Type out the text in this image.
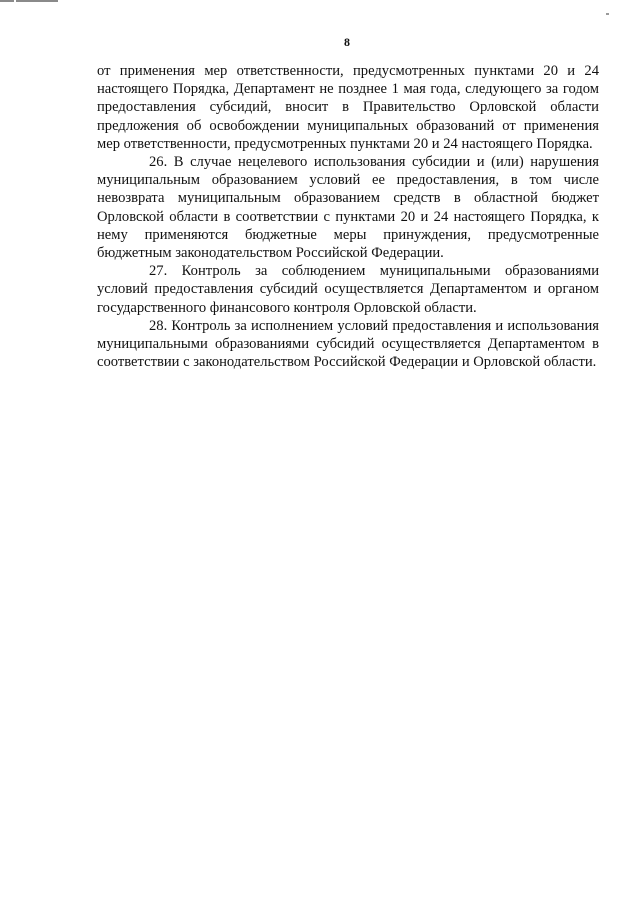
8

от применения мер ответственности, предусмотренных пунктами 20 и 24 настоящего Порядка, Департамент не позднее 1 мая года, следующего за годом предоставления субсидий, вносит в Правительство Орловской области предложения об освобождении муниципальных образований от применения мер ответственности, предусмотренных пунктами 20 и 24 настоящего Порядка.

26. В случае нецелевого использования субсидии и (или) нарушения муниципальным образованием условий ее предоставления, в том числе невозврата муниципальным образованием средств в областной бюджет Орловской области в соответствии с пунктами 20 и 24 настоящего Порядка, к нему применяются бюджетные меры принуждения, предусмотренные бюджетным законодательством Российской Федерации.

27. Контроль за соблюдением муниципальными образованиями условий предоставления субсидий осуществляется Департаментом и органом государственного финансового контроля Орловской области.

28. Контроль за исполнением условий предоставления и использования муниципальными образованиями субсидий осуществляется Департаментом в соответствии с законодательством Российской Федерации и Орловской области.
